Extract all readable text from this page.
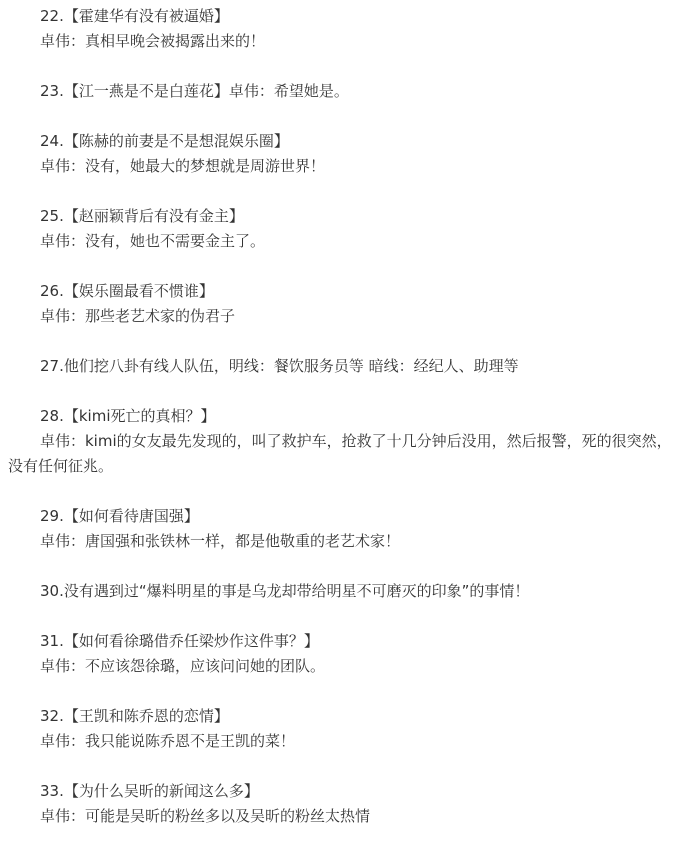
22.【霍建华有没有被逼婚】
卓伟：真相早晚会被揭露出来的！
23.【江一燕是不是白莲花】卓伟：希望她是。
24.【陈赫的前妻是不是想混娱乐圈】
卓伟：没有，她最大的梦想就是周游世界！
25.【赵丽颖背后有没有金主】
卓伟：没有，她也不需要金主了。
26.【娱乐圈最看不惯谁】
卓伟：那些老艺术家的伪君子
27.他们挖八卦有线人队伍，明线：餐饮服务员等 暗线：经纪人、助理等
28.【kimi死亡的真相？】
卓伟：kimi的女友最先发现的，叫了救护车，抢救了十几分钟后没用，然后报警，死的很突然，没有任何征兆。
29.【如何看待唐国强】
卓伟：唐国强和张铁林一样，都是他敬重的老艺术家！
30.没有遇到过“爆料明星的事是乌龙却带给明星不可磨灭的印象”的事情！
31.【如何看徐璐借乔任梁炒作这件事？】
卓伟：不应该怨徐璐，应该问问她的团队。
32.【王凯和陈乔恩的恋情】
卓伟：我只能说陈乔恩不是王凯的菜！
33.【为什么吴昕的新闻这么多】
卓伟：可能是吴昕的粉丝多以及吴昕的粉丝太热情
